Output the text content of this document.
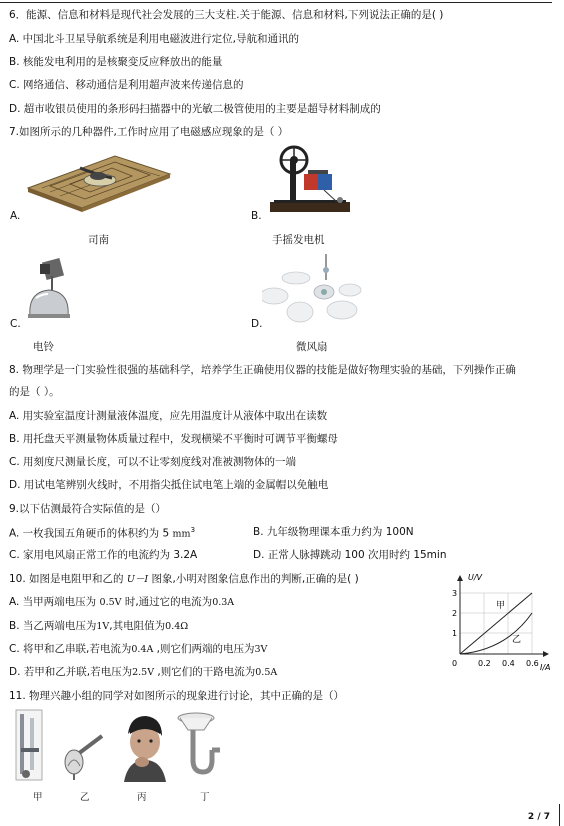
6．能源、信息和材料是现代社会发展的三大支柱.关于能源、信息和材料,下列说法正确的是( )
A. 中国北斗卫星导航系统是利用电磁波进行定位,导航和通讯的
B. 核能发电利用的是核聚变反应释放出的能量
C. 网络通信、移动通信是利用超声波来传递信息的
D. 超市收银员使用的条形码扫描器中的光敏二极管使用的主要是超导材料制成的
7.如图所示的几种器件,工作时应用了电磁感应现象的是（ ）
A.
司南
B.
手摇发电机
C.
电铃
D.
微风扇
8. 物理学是一门实验性很强的基础科学，培养学生正确使用仪器的技能是做好物理实验的基础，下列操作正确
的是（ ）。
A. 用实验室温度计测量液体温度，应先用温度计从液体中取出在读数
B. 用托盘天平测量物体质量过程中，发现横梁不平衡时可调节平衡螺母
C. 用刻度尺测量长度，可以不让零刻度线对准被测物体的一端
D. 用试电笔辨别火线时，不用指尖抵住试电笔上端的金属帽以免触电
9.以下估测最符合实际值的是（）
A. 一枚我国五角硬币的体积约为 5 $mm^3$	B. 九年级物理课本重力约为 100N
C. 家用电风扇正常工作的电流约为 3.2A	D. 正常人脉搏跳动 100 次用时约 15min
10. 如图是电阻甲和乙的 U－I 图象,小明对图象信息作出的判断,正确的是( )
A. 当甲两端电压为 0.5V 时,通过它的电流为0.3A
B. 当乙两端电压为1V,其电阻值为0.4Ω
C. 将甲和乙串联,若电流为0.4A ,则它们两端的电压为3V
D. 若甲和乙并联,若电压为2.5V ,则它们的干路电流为0.5A
U/V
I/A
0	0.2 0.4 0.6
1
2
3
甲
乙
11. 物理兴趣小组的同学对如图所示的现象进行讨论，其中正确的是（）
甲	乙	丙	丁
2 / 7
